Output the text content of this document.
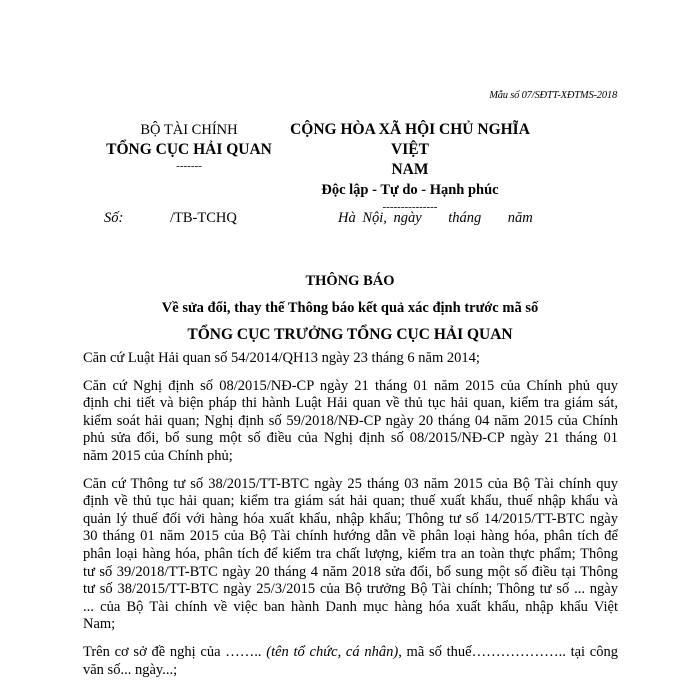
Mẫu số 07/SĐTT-XĐTMS-2018
BỘ TÀI CHÍNH
TỔNG CỤC HẢI QUAN
-------
CỘNG HÒA XÃ HỘI CHỦ NGHĨA VIỆT
NAM
Độc lập - Tự do - Hạnh phúc
---------------
Số:	/TB-TCHQ	Hà Nội, ngày    tháng    năm
THÔNG BÁO
Về sửa đổi, thay thế Thông báo kết quả xác định trước mã số
TỔNG CỤC TRƯỞNG TỔNG CỤC HẢI QUAN

Căn cứ Luật Hải quan số 54/2014/QH13 ngày 23 tháng 6 năm 2014;

Căn cứ Nghị định số 08/2015/NĐ-CP ngày 21 tháng 01 năm 2015 của Chính phủ quy
định chi tiết và biện pháp thi hành Luật Hải quan về thủ tục hải quan, kiểm tra giám sát,
kiểm soát hải quan; Nghị định số 59/2018/NĐ-CP ngày 20 tháng 04 năm 2015 của Chính
phủ sửa đổi, bổ sung một số điều của Nghị định số 08/2015/NĐ-CP ngày 21 tháng 01
năm 2015 của Chính phủ;

Căn cứ Thông tư số 38/2015/TT-BTC ngày 25 tháng 03 năm 2015 của Bộ Tài chính quy
định về thủ tục hải quan; kiểm tra giám sát hải quan; thuế xuất khẩu, thuế nhập khẩu và
quản lý thuế đối với hàng hóa xuất khẩu, nhập khẩu; Thông tư số 14/2015/TT-BTC ngày
30 tháng 01 năm 2015 của Bộ Tài chính hướng dẫn về phân loại hàng hóa, phân tích để
phân loại hàng hóa, phân tích để kiểm tra chất lượng, kiểm tra an toàn thực phẩm; Thông
tư số 39/2018/TT-BTC ngày 20 tháng 4 năm 2018 sửa đổi, bổ sung một số điều tại Thông
tư số 38/2015/TT-BTC ngày 25/3/2015 của Bộ trưởng Bộ Tài chính; Thông tư số ... ngày
... của Bộ Tài chính về việc ban hành Danh mục hàng hóa xuất khẩu, nhập khẩu Việt
Nam;

Trên cơ sở đề nghị của …….. (tên tổ chức, cá nhân), mã số thuế……………….. tại công
văn số... ngày...;
